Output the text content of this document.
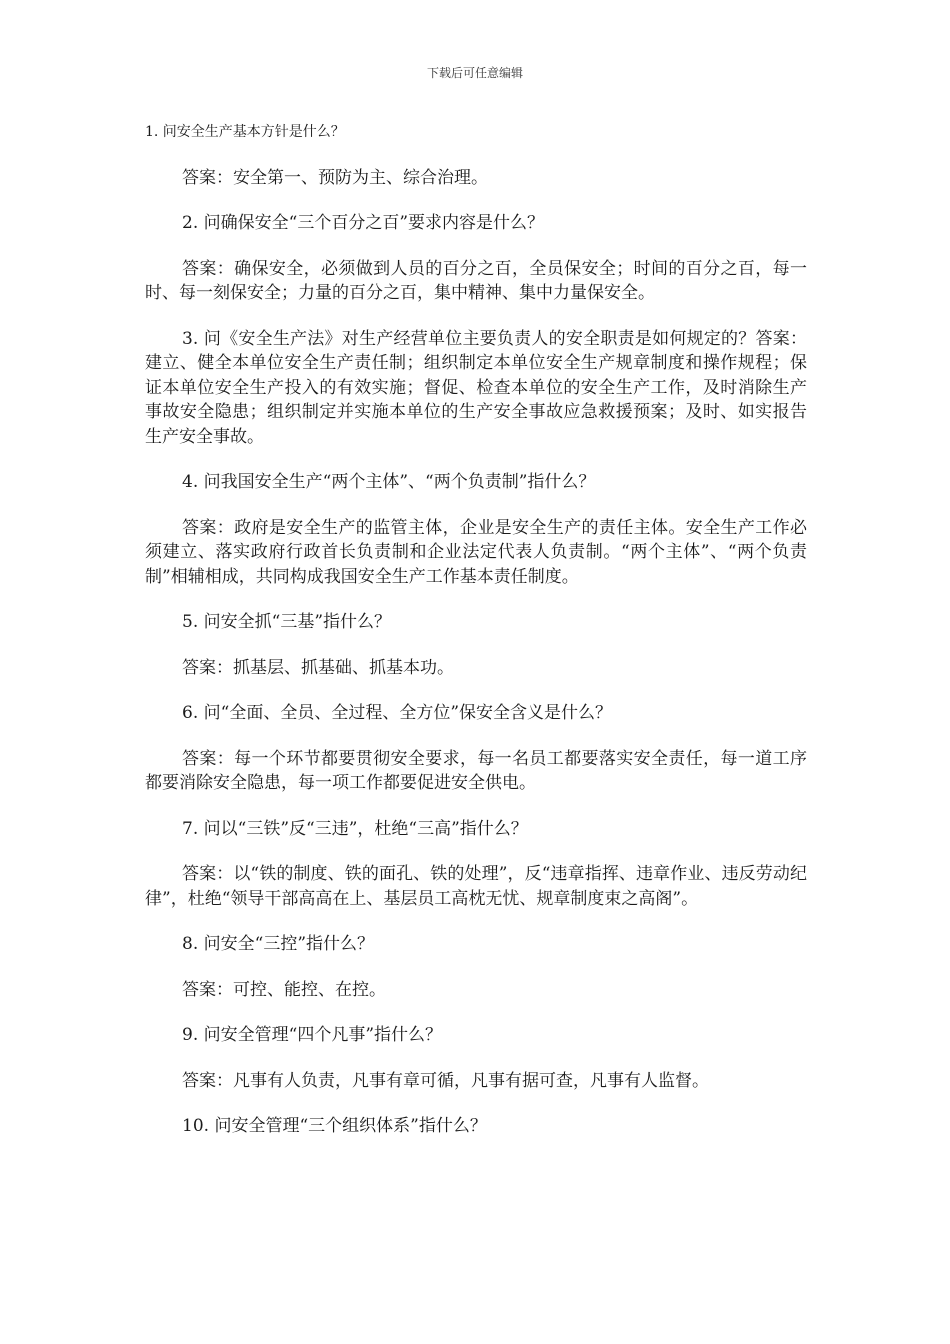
下载后可任意编辑

1. 问安全生产基本方针是什么？

答案：安全第一、预防为主、综合治理。

2. 问确保安全“三个百分之百”要求内容是什么？

答案：确保安全，必须做到人员的百分之百，全员保安全；时间的百分之百，每一时、每一刻保安全；力量的百分之百，集中精神、集中力量保安全。

3. 问《安全生产法》对生产经营单位主要负责人的安全职责是如何规定的？答案：建立、健全本单位安全生产责任制；组织制定本单位安全生产规章制度和操作规程；保证本单位安全生产投入的有效实施；督促、检查本单位的安全生产工作，及时消除生产事故安全隐患；组织制定并实施本单位的生产安全事故应急救援预案；及时、如实报告生产安全事故。

4. 问我国安全生产“两个主体”、“两个负责制”指什么？

答案：政府是安全生产的监管主体，企业是安全生产的责任主体。安全生产工作必须建立、落实政府行政首长负责制和企业法定代表人负责制。“两个主体”、“两个负责制”相辅相成，共同构成我国安全生产工作基本责任制度。

5. 问安全抓“三基”指什么？

答案：抓基层、抓基础、抓基本功。

6. 问“全面、全员、全过程、全方位”保安全含义是什么？

答案：每一个环节都要贯彻安全要求，每一名员工都要落实安全责任，每一道工序都要消除安全隐患，每一项工作都要促进安全供电。

7. 问以“三铁”反“三违”，杜绝“三高”指什么？

答案：以“铁的制度、铁的面孔、铁的处理”，反“违章指挥、违章作业、违反劳动纪律”，杜绝“领导干部高高在上、基层员工高枕无忧、规章制度束之高阁”。

8. 问安全“三控”指什么？

答案：可控、能控、在控。

9. 问安全管理“四个凡事”指什么？

答案：凡事有人负责，凡事有章可循，凡事有据可查，凡事有人监督。

10. 问安全管理“三个组织体系”指什么？
